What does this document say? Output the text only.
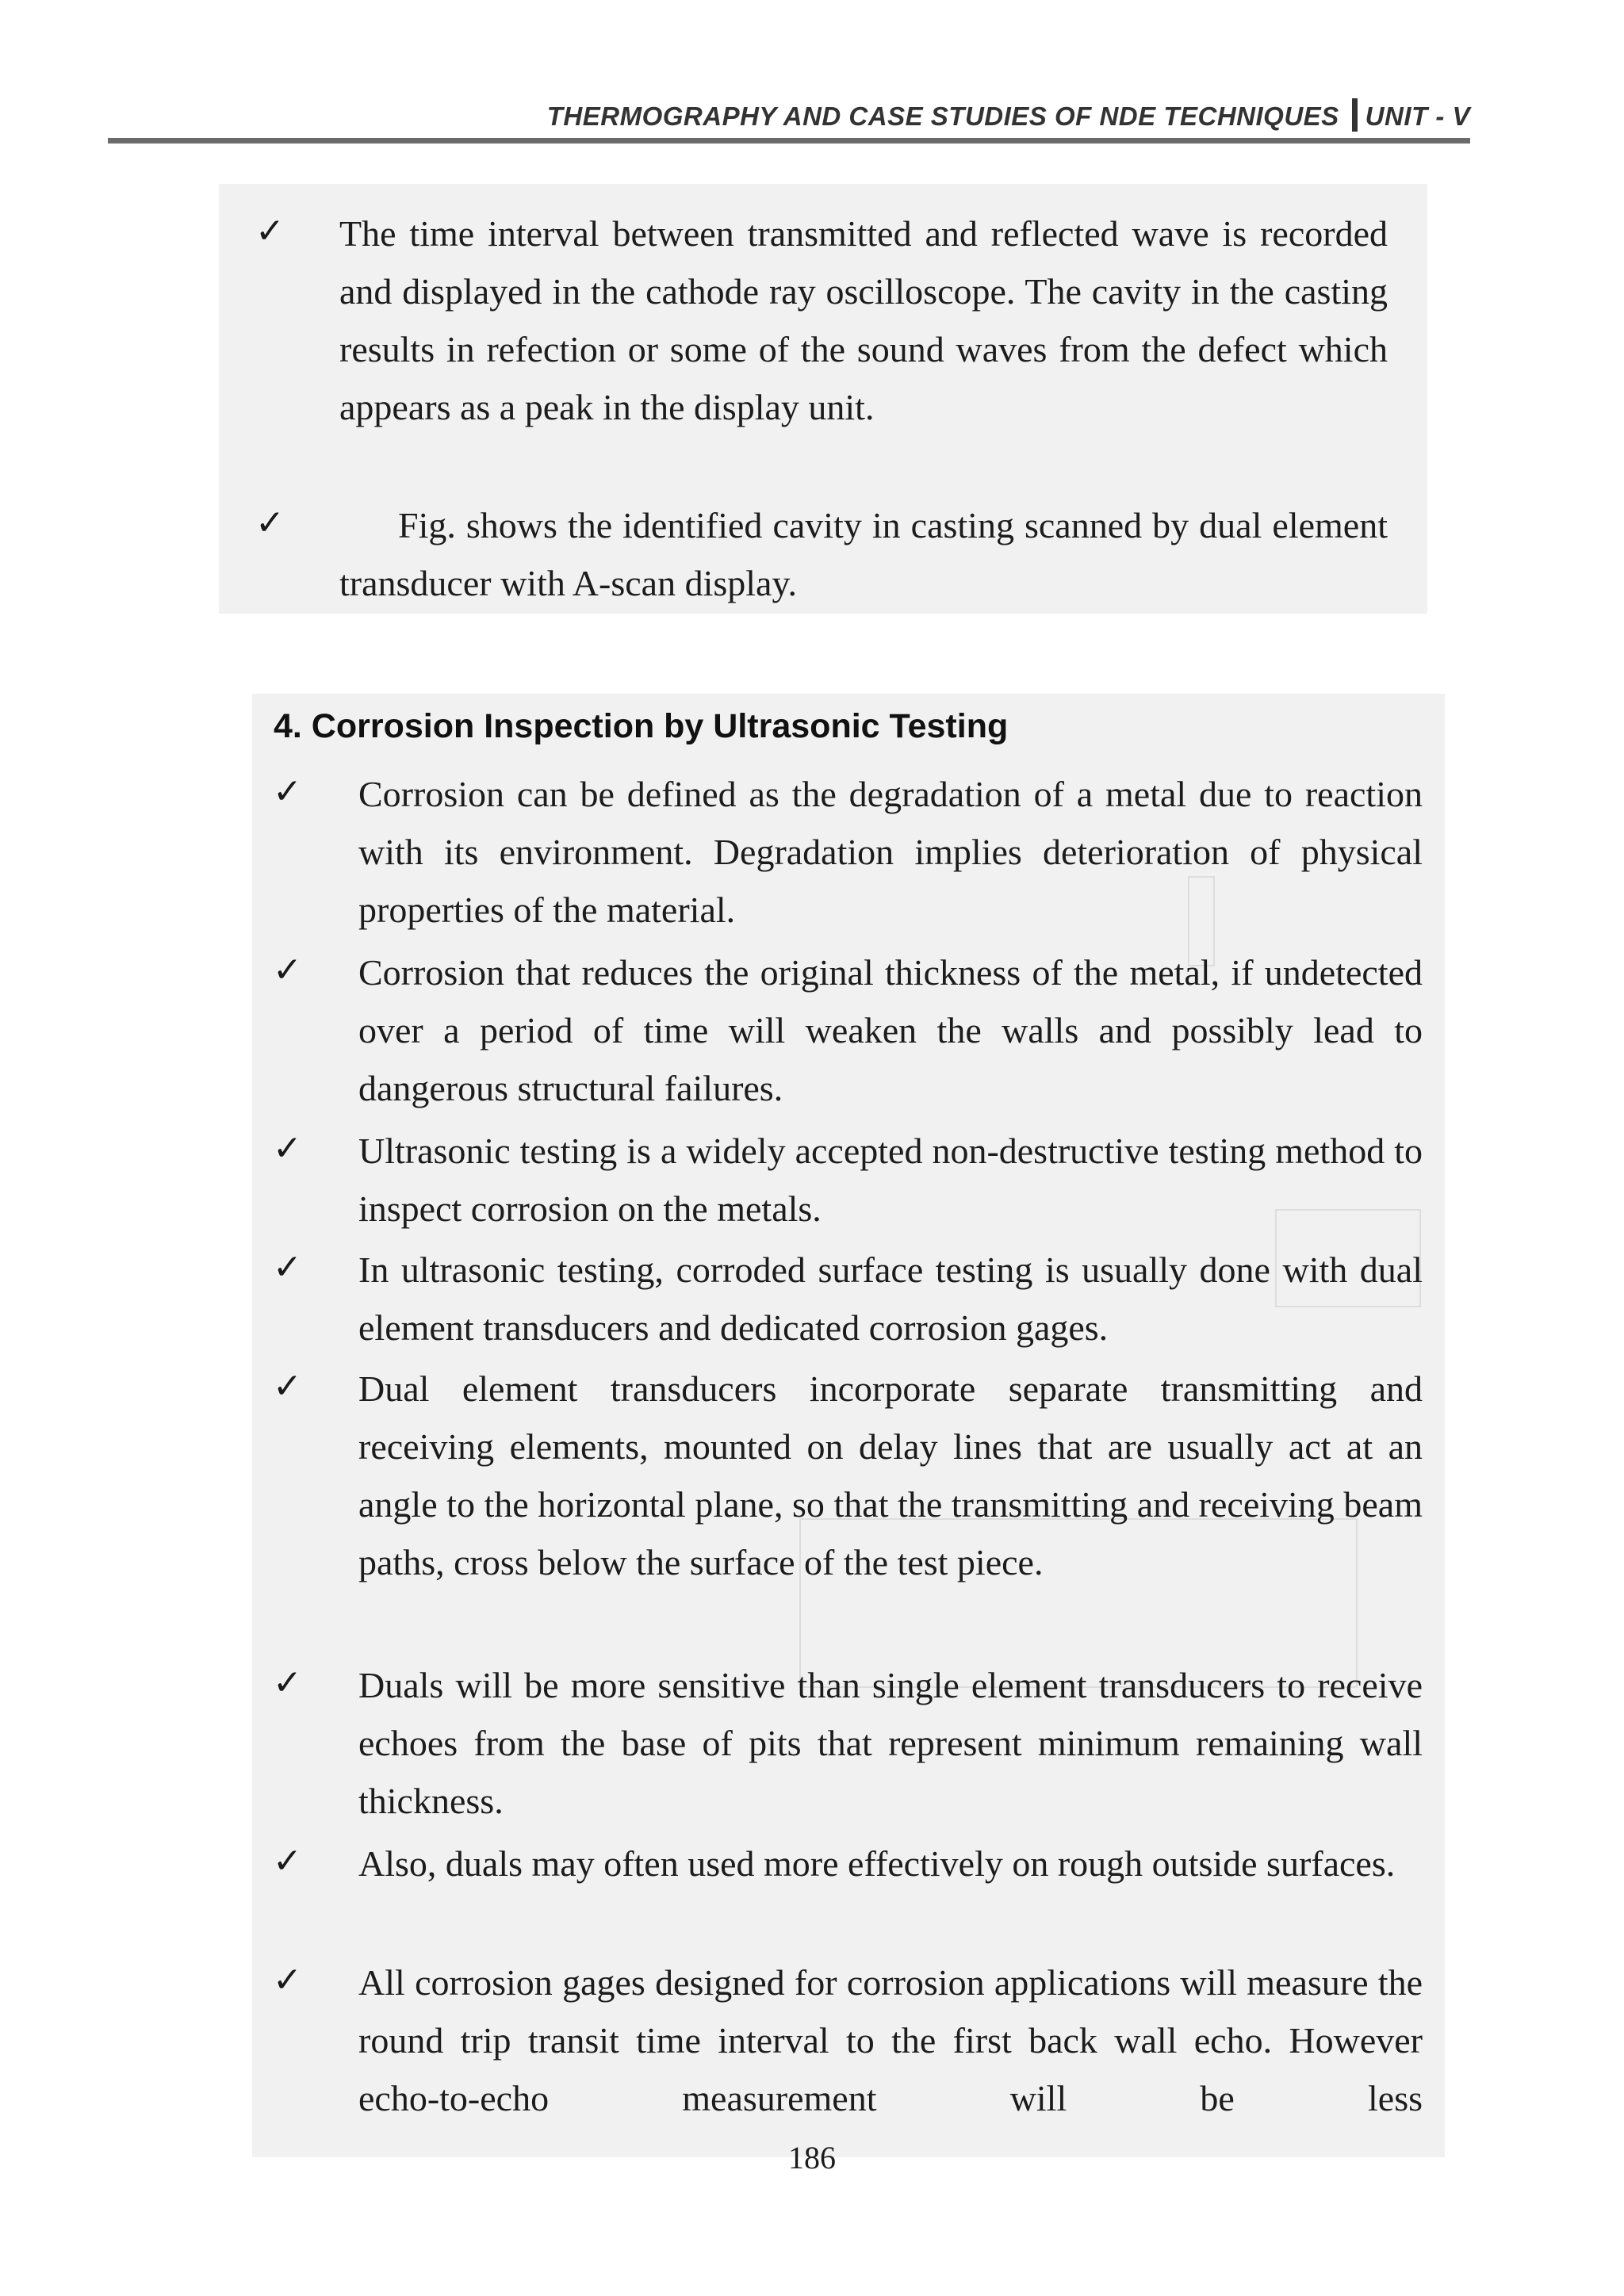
THERMOGRAPHY AND CASE STUDIES OF NDE TECHNIQUES UNIT - V
✓ The time interval between transmitted and reflected wave is recorded and displayed in the cathode ray oscilloscope. The cavity in the casting results in refection or some of the sound waves from the defect which appears as a peak in the display unit.
✓	Fig. shows the identified cavity in casting scanned by dual element transducer with A-scan display.
4. Corrosion Inspection by Ultrasonic Testing
✓ Corrosion can be defined as the degradation of a metal due to reaction with its environment. Degradation implies deterioration of physical properties of the material.
✓ Corrosion that reduces the original thickness of the metal, if undetected over a period of time will weaken the walls and possibly lead to dangerous structural failures.
✓ Ultrasonic testing is a widely accepted non-destructive testing method to inspect corrosion on the metals.
✓ In ultrasonic testing, corroded surface testing is usually done with dual element transducers and dedicated corrosion gages.
✓ Dual element transducers incorporate separate transmitting and receiving elements, mounted on delay lines that are usually act at an angle to the horizontal plane, so that the transmitting and receiving beam paths, cross below the surface of the test piece.
✓ Duals will be more sensitive than single element transducers to receive echoes from the base of pits that represent minimum remaining wall thickness.
✓ Also, duals may often used more effectively on rough outside surfaces.
✓ All corrosion gages designed for corrosion applications will measure the round trip transit time interval to the first back wall echo. However echo-to-echo measurement will be less
186
